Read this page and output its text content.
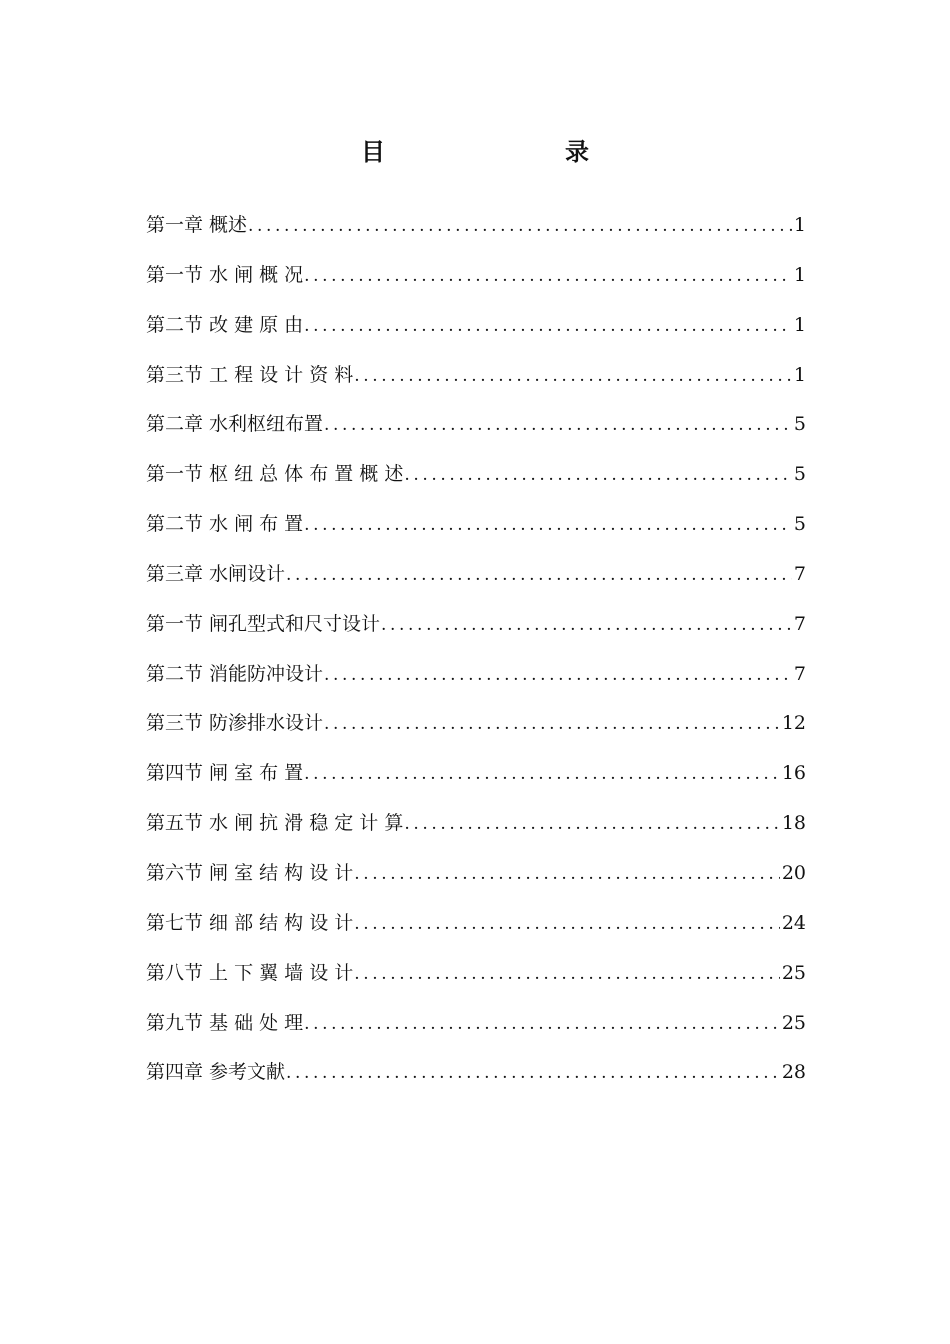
目　　录
第一章 概述 .....	1
第一节 水 闸 概 况 .....	1
第二节 改 建 原 由 .....	1
第三节 工 程 设 计 资 料 .....	1
第二章 水利枢纽布置 .....	5
第一节 枢 纽 总 体 布 置 概 述 .....	5
第二节 水 闸 布 置 .....	5
第三章 水闸设计 .....	7
第一节 闸孔型式和尺寸设计 .....	7
第二节 消能防冲设计 .....	7
第三节 防渗排水设计 .....	12
第四节 闸 室 布 置 .....	16
第五节 水 闸 抗 滑 稳 定 计 算 .....	18
第六节 闸 室 结 构 设 计 .....	20
第七节 细 部 结 构 设 计 .....	24
第八节 上 下 翼 墙 设 计 .....	25
第九节 基 础 处 理 .....	25
第四章 参考文献 .....	28
